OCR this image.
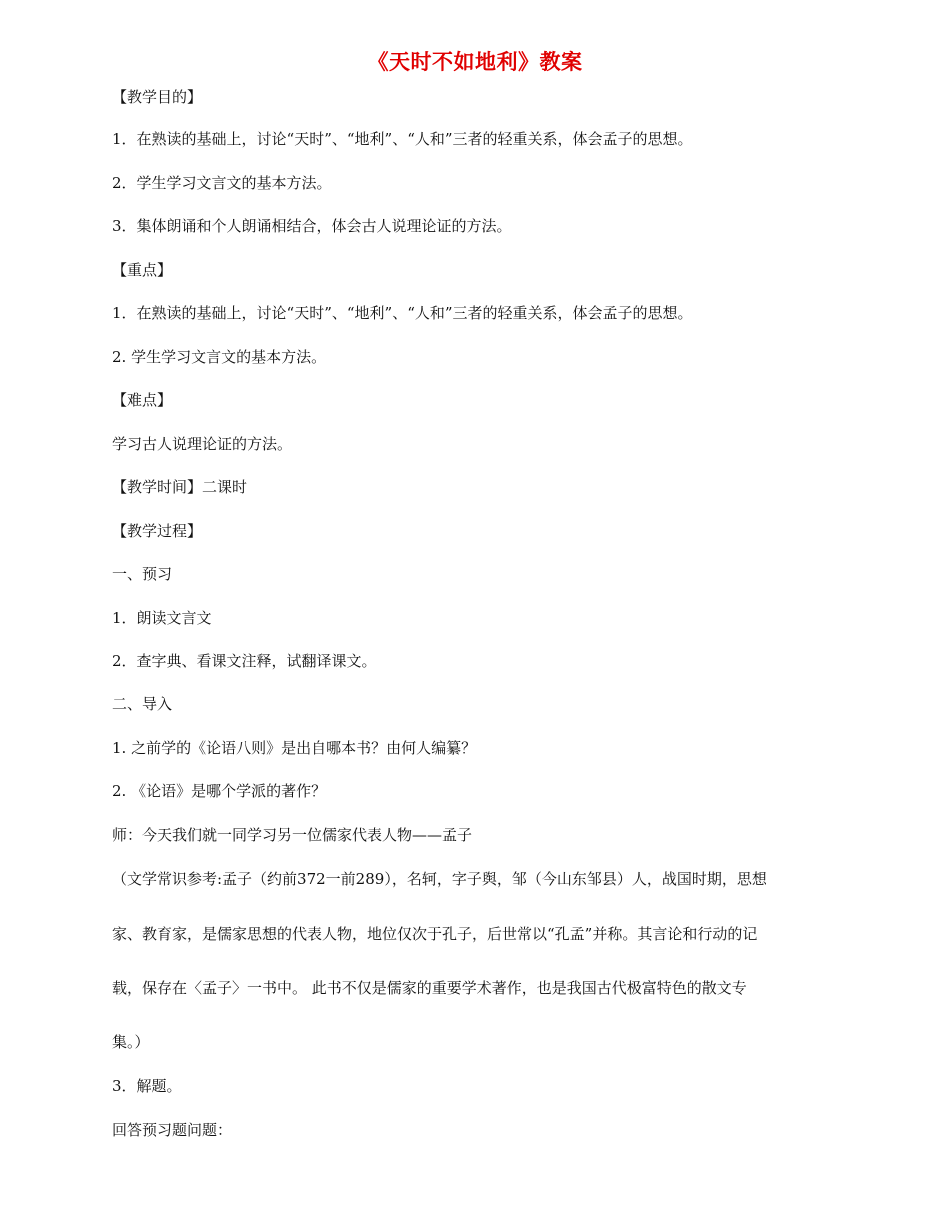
《天时不如地利》教案
【教学目的】
1．在熟读的基础上，讨论“天时”、“地利”、“人和”三者的轻重关系，体会孟子的思想。
2．学生学习文言文的基本方法。
3．集体朗诵和个人朗诵相结合，体会古人说理论证的方法。
【重点】
1．在熟读的基础上，讨论“天时”、“地利”、“人和”三者的轻重关系，体会孟子的思想。
2. 学生学习文言文的基本方法。
【难点】
学习古人说理论证的方法。
【教学时间】二课时
【教学过程】
一、预习
1．朗读文言文
2．查字典、看课文注释，试翻译课文。
二、导入
1. 之前学的《论语八则》是出自哪本书？由何人编纂？
2. 《论语》是哪个学派的著作？
师：今天我们就一同学习另一位儒家代表人物——孟子
（文学常识参考:孟子（约前372一前289），名轲，字子舆，邹（今山东邹县）人，战国时期，思想
家、教育家，是儒家思想的代表人物，地位仅次于孔子，后世常以“孔孟”并称。其言论和行动的记
载，保存在〈孟子〉一书中。 此书不仅是儒家的重要学术著作，也是我国古代极富特色的散文专
集。）
3．解题。
回答预习题问题：
